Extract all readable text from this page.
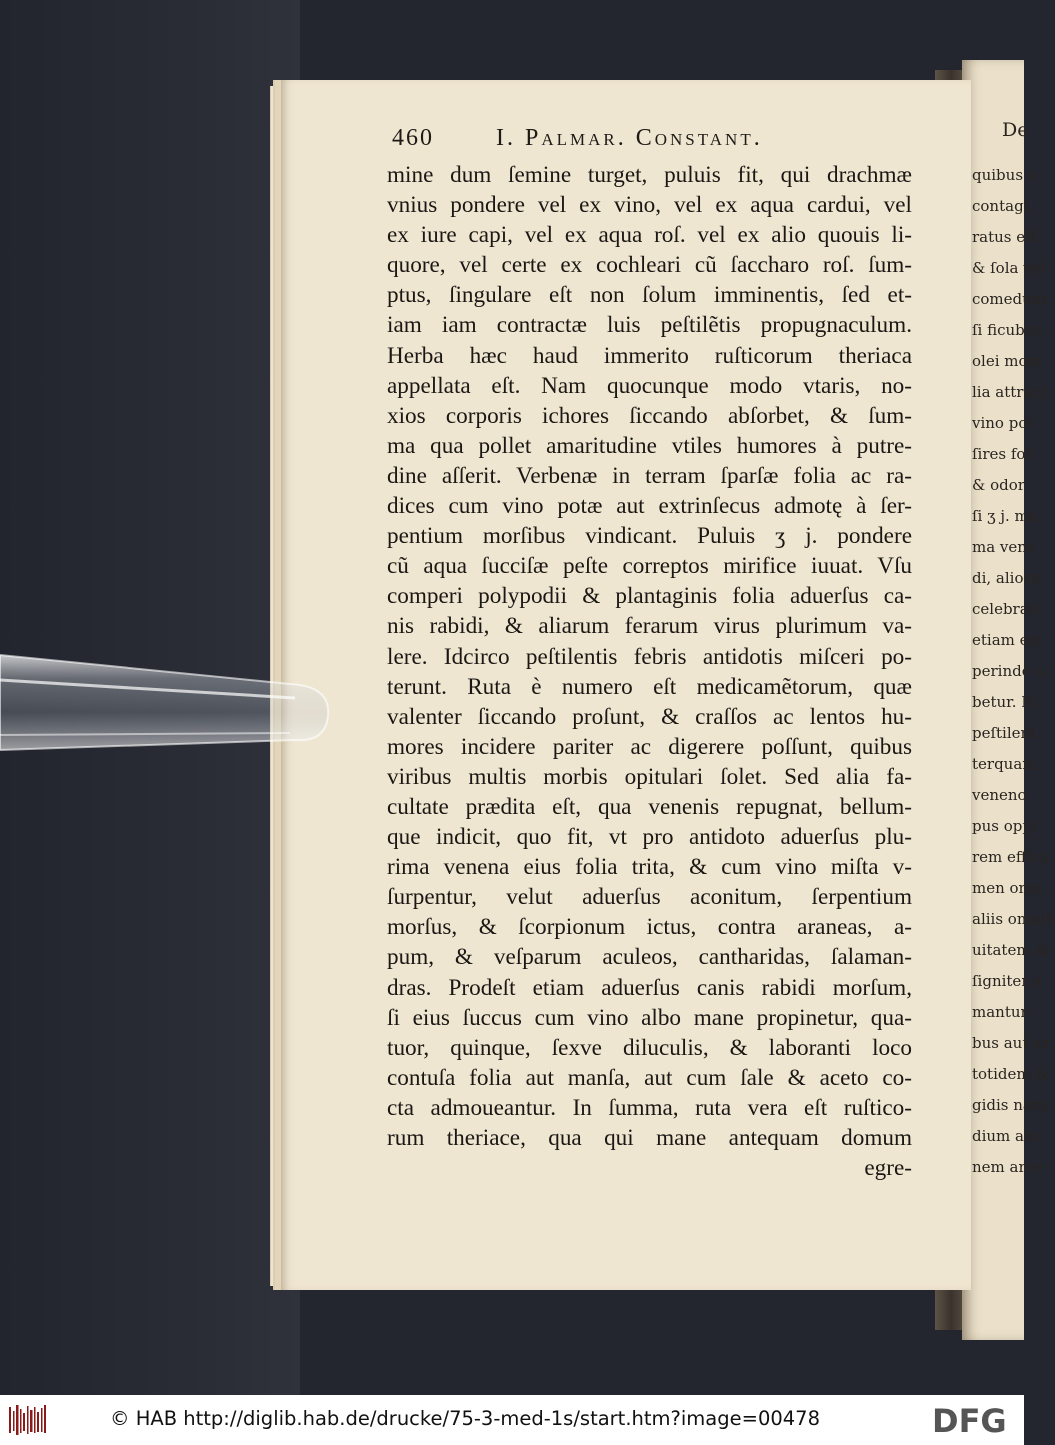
De
quibus v
contagi
ratus eſt:
& ſola vel
comedunt
ſi ficubus
olei mom
lia attract
vino pot
ſires foli
& odor
ſi ʒ j. ma
ma vene
di, aliorn
celebrati
etiam ext
perinde a
betur. Ei
peſtilent
terquam
veneno
pus oppl
rem effica
men omn
aliis omnib
uitatem &
ſigniter a
mantur.
bus aut ar
totidem &
gidis natu
dium am
nem arce
460	I. Palmar. Constant.
mine dum ſemine turget, puluis fit, qui drachmæ
vnius pondere vel ex vino, vel ex aqua cardui, vel
ex iure capi, vel ex aqua roſ. vel ex alio quouis li-
quore, vel certe ex cochleari cũ ſaccharo roſ. ſum-
ptus, ſingulare eſt non ſolum imminentis, ſed et-
iam iam contractæ luis peſtilẽtis propugnaculum.
Herba hæc haud immerito ruſticorum theriaca
appellata eſt. Nam quocunque modo vtaris, no-
xios corporis ichores ſiccando abſorbet, & ſum-
ma qua pollet amaritudine vtiles humores à putre-
dine aſſerit. Verbenæ in terram ſparſæ folia ac ra-
dices cum vino potæ aut extrinſecus admotę à ſer-
pentium morſibus vindicant. Puluis ʒ j. pondere
cũ aqua ſucciſæ peſte correptos mirifice iuuat. Vſu
comperi polypodii & plantaginis folia aduerſus ca-
nis rabidi, & aliarum ferarum virus plurimum va-
lere. Idcirco peſtilentis febris antidotis miſceri po-
terunt. Ruta è numero eſt medicamẽtorum, quæ
valenter ſiccando proſunt, & craſſos ac lentos hu-
mores incidere pariter ac digerere poſſunt, quibus
viribus multis morbis opitulari ſolet. Sed alia fa-
cultate prædita eſt, qua venenis repugnat, bellum-
que indicit, quo fit, vt pro antidoto aduerſus plu-
rima venena eius folia trita, & cum vino miſta v-
ſurpentur, velut aduerſus aconitum, ſerpentium
morſus, & ſcorpionum ictus, contra araneas, a-
pum, & veſparum aculeos, cantharidas, ſalaman-
dras. Prodeſt etiam aduerſus canis rabidi morſum,
ſi eius ſuccus cum vino albo mane propinetur, qua-
tuor, quinque, ſexve diluculis, & laboranti loco
contuſa folia aut manſa, aut cum ſale & aceto co-
cta admoueantur. In ſumma, ruta vera eſt ruſtico-
rum theriace, qua qui mane antequam domum
egre-
© HAB http://diglib.hab.de/drucke/75-3-med-1s/start.htm?image=00478	DFG
